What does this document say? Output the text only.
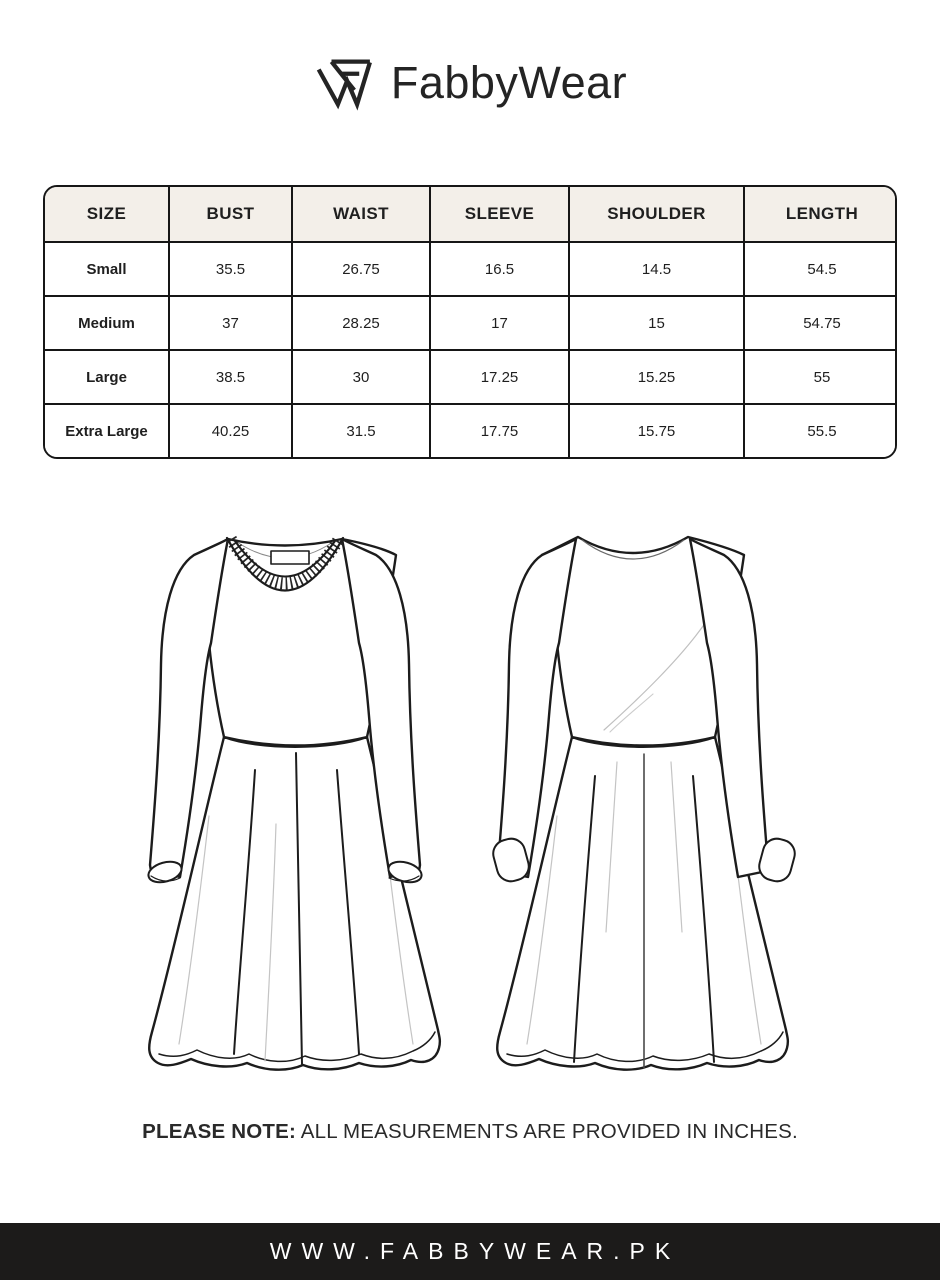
FabbyWear
SIZE	BUST	WAIST	SLEEVE	SHOULDER	LENGTH
Small	35.5	26.75	16.5	14.5	54.5
Medium	37	28.25	17	15	54.75
Large	38.5	30	17.25	15.25	55
Extra Large	40.25	31.5	17.75	15.75	55.5
PLEASE NOTE: ALL MEASUREMENTS ARE PROVIDED IN INCHES.
WWW.FABBYWEAR.PK
